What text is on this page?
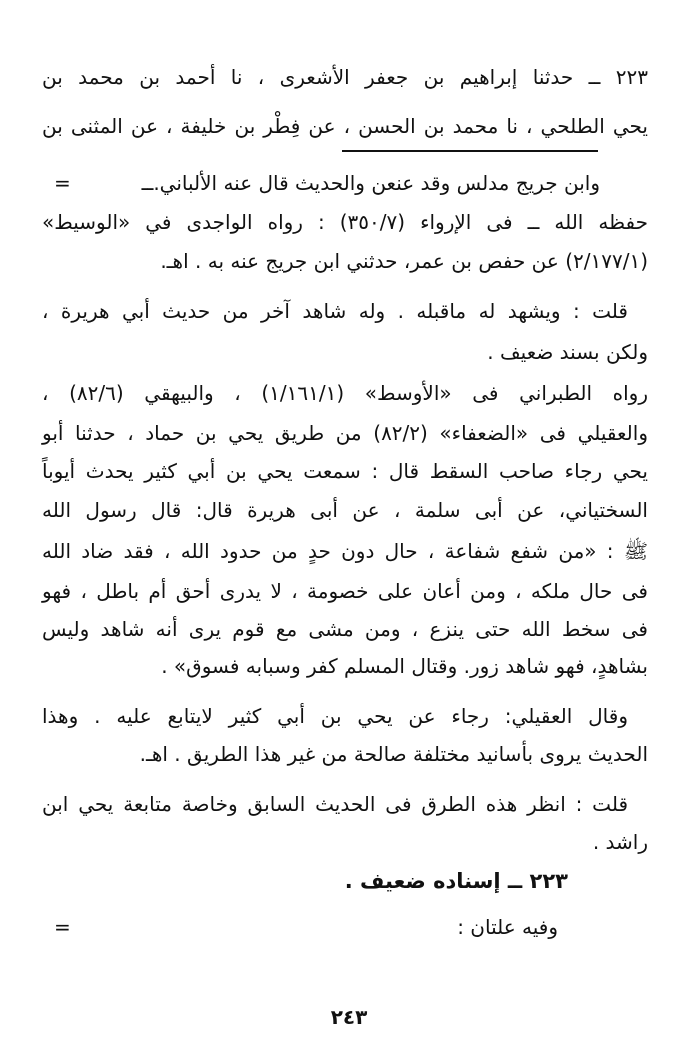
٢٢٣ ــ حدثنا إبراهيم بن جعفر الأشعرى ، نا أحمد بن محمد بن
يحي الطلحي ، نا محمد بن الحسن ، عن فِطْر بن خليفة ، عن المثنى بن
=	وابن جريج مدلس وقد عنعن والحديث قال عنه الألباني.ــ
حفظه الله ــ فى الإرواء (٣٥٠/٧) : رواه الواجدى في «الوسيط»
(٢/١٧٧/١) عن حفص بن عمر، حدثني ابن جريج عنه به . اهـ.
قلت : ويشهد له ماقبله . وله شاهد آخر من حديث أبي هريرة ،
ولكن بسند ضعيف .
رواه الطبراني فى «الأوسط» (١/١٦١/١) ، والبيهقي (٨٢/٦) ،
والعقيلي فى «الضعفاء» (٨٢/٢) من طريق يحي بن حماد ، حدثنا أبو
يحي رجاء صاحب السقط قال : سمعت يحي بن أبي كثير يحدث أيوباً
السختياني، عن أبى سلمة ، عن أبى هريرة قال: قال رسول الله
ﷺ : «من شفع شفاعة ، حال دون حدٍ من حدود الله ، فقد ضاد الله
فى حال ملكه ، ومن أعان على خصومة ، لا يدرى أحق أم باطل ، فهو
فى سخط الله حتى ينزع ، ومن مشى مع قوم يرى أنه شاهد وليس
بشاهدٍ، فهو شاهد زور. وقتال المسلم كفر وسبابه فسوق» .
وقال العقيلي: رجاء عن يحي بن أبي كثير لايتابع عليه . وهذا
الحديث يروى بأسانيد مختلفة صالحة من غير هذا الطريق . اهـ.
قلت : انظر هذه الطرق فى الحديث السابق وخاصة متابعة يحي ابن
راشد .
٢٢٣ ــ إسناده ضعيف .
=	وفيه علتان :
٢٤٣
